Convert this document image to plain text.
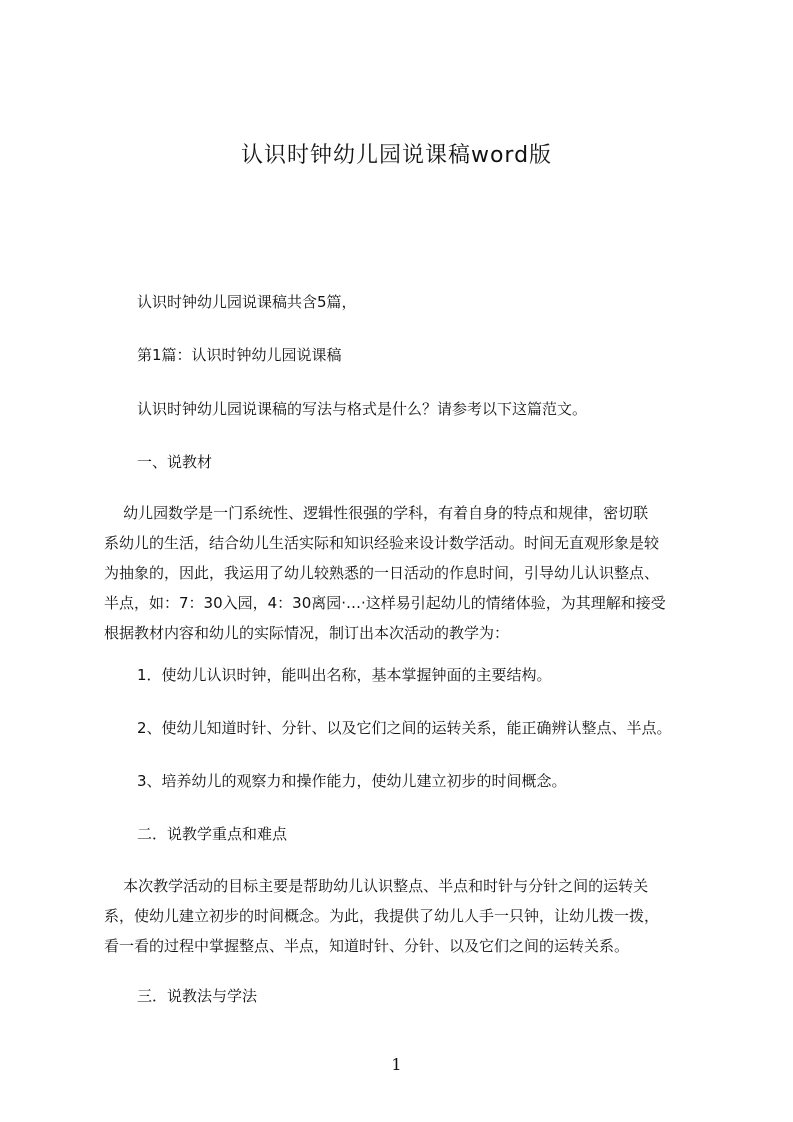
认识时钟幼儿园说课稿word版

认识时钟幼儿园说课稿共含5篇，

第1篇：认识时钟幼儿园说课稿

认识时钟幼儿园说课稿的写法与格式是什么？请参考以下这篇范文。

一、说教材

幼儿园数学是一门系统性、逻辑性很强的学科，有着自身的特点和规律，密切联
系幼儿的生活，结合幼儿生活实际和知识经验来设计数学活动。时间无直观形象是较
为抽象的，因此，我运用了幼儿较熟悉的一日活动的作息时间，引导幼儿认识整点、
半点，如：7：30入园，4：30离园·…·这样易引起幼儿的情绪体验，为其理解和接受
根据教材内容和幼儿的实际情况，制订出本次活动的教学为：

1．使幼儿认识时钟，能叫出名称，基本掌握钟面的主要结构。

2、使幼儿知道时针、分针、以及它们之间的运转关系，能正确辨认整点、半点。

3、培养幼儿的观察力和操作能力，使幼儿建立初步的时间概念。

二．说教学重点和难点

本次教学活动的目标主要是帮助幼儿认识整点、半点和时针与分针之间的运转关
系，使幼儿建立初步的时间概念。为此，我提供了幼儿人手一只钟，让幼儿拨一拨，
看一看的过程中掌握整点、半点，知道时针、分针、以及它们之间的运转关系。

三．说教法与学法

1
